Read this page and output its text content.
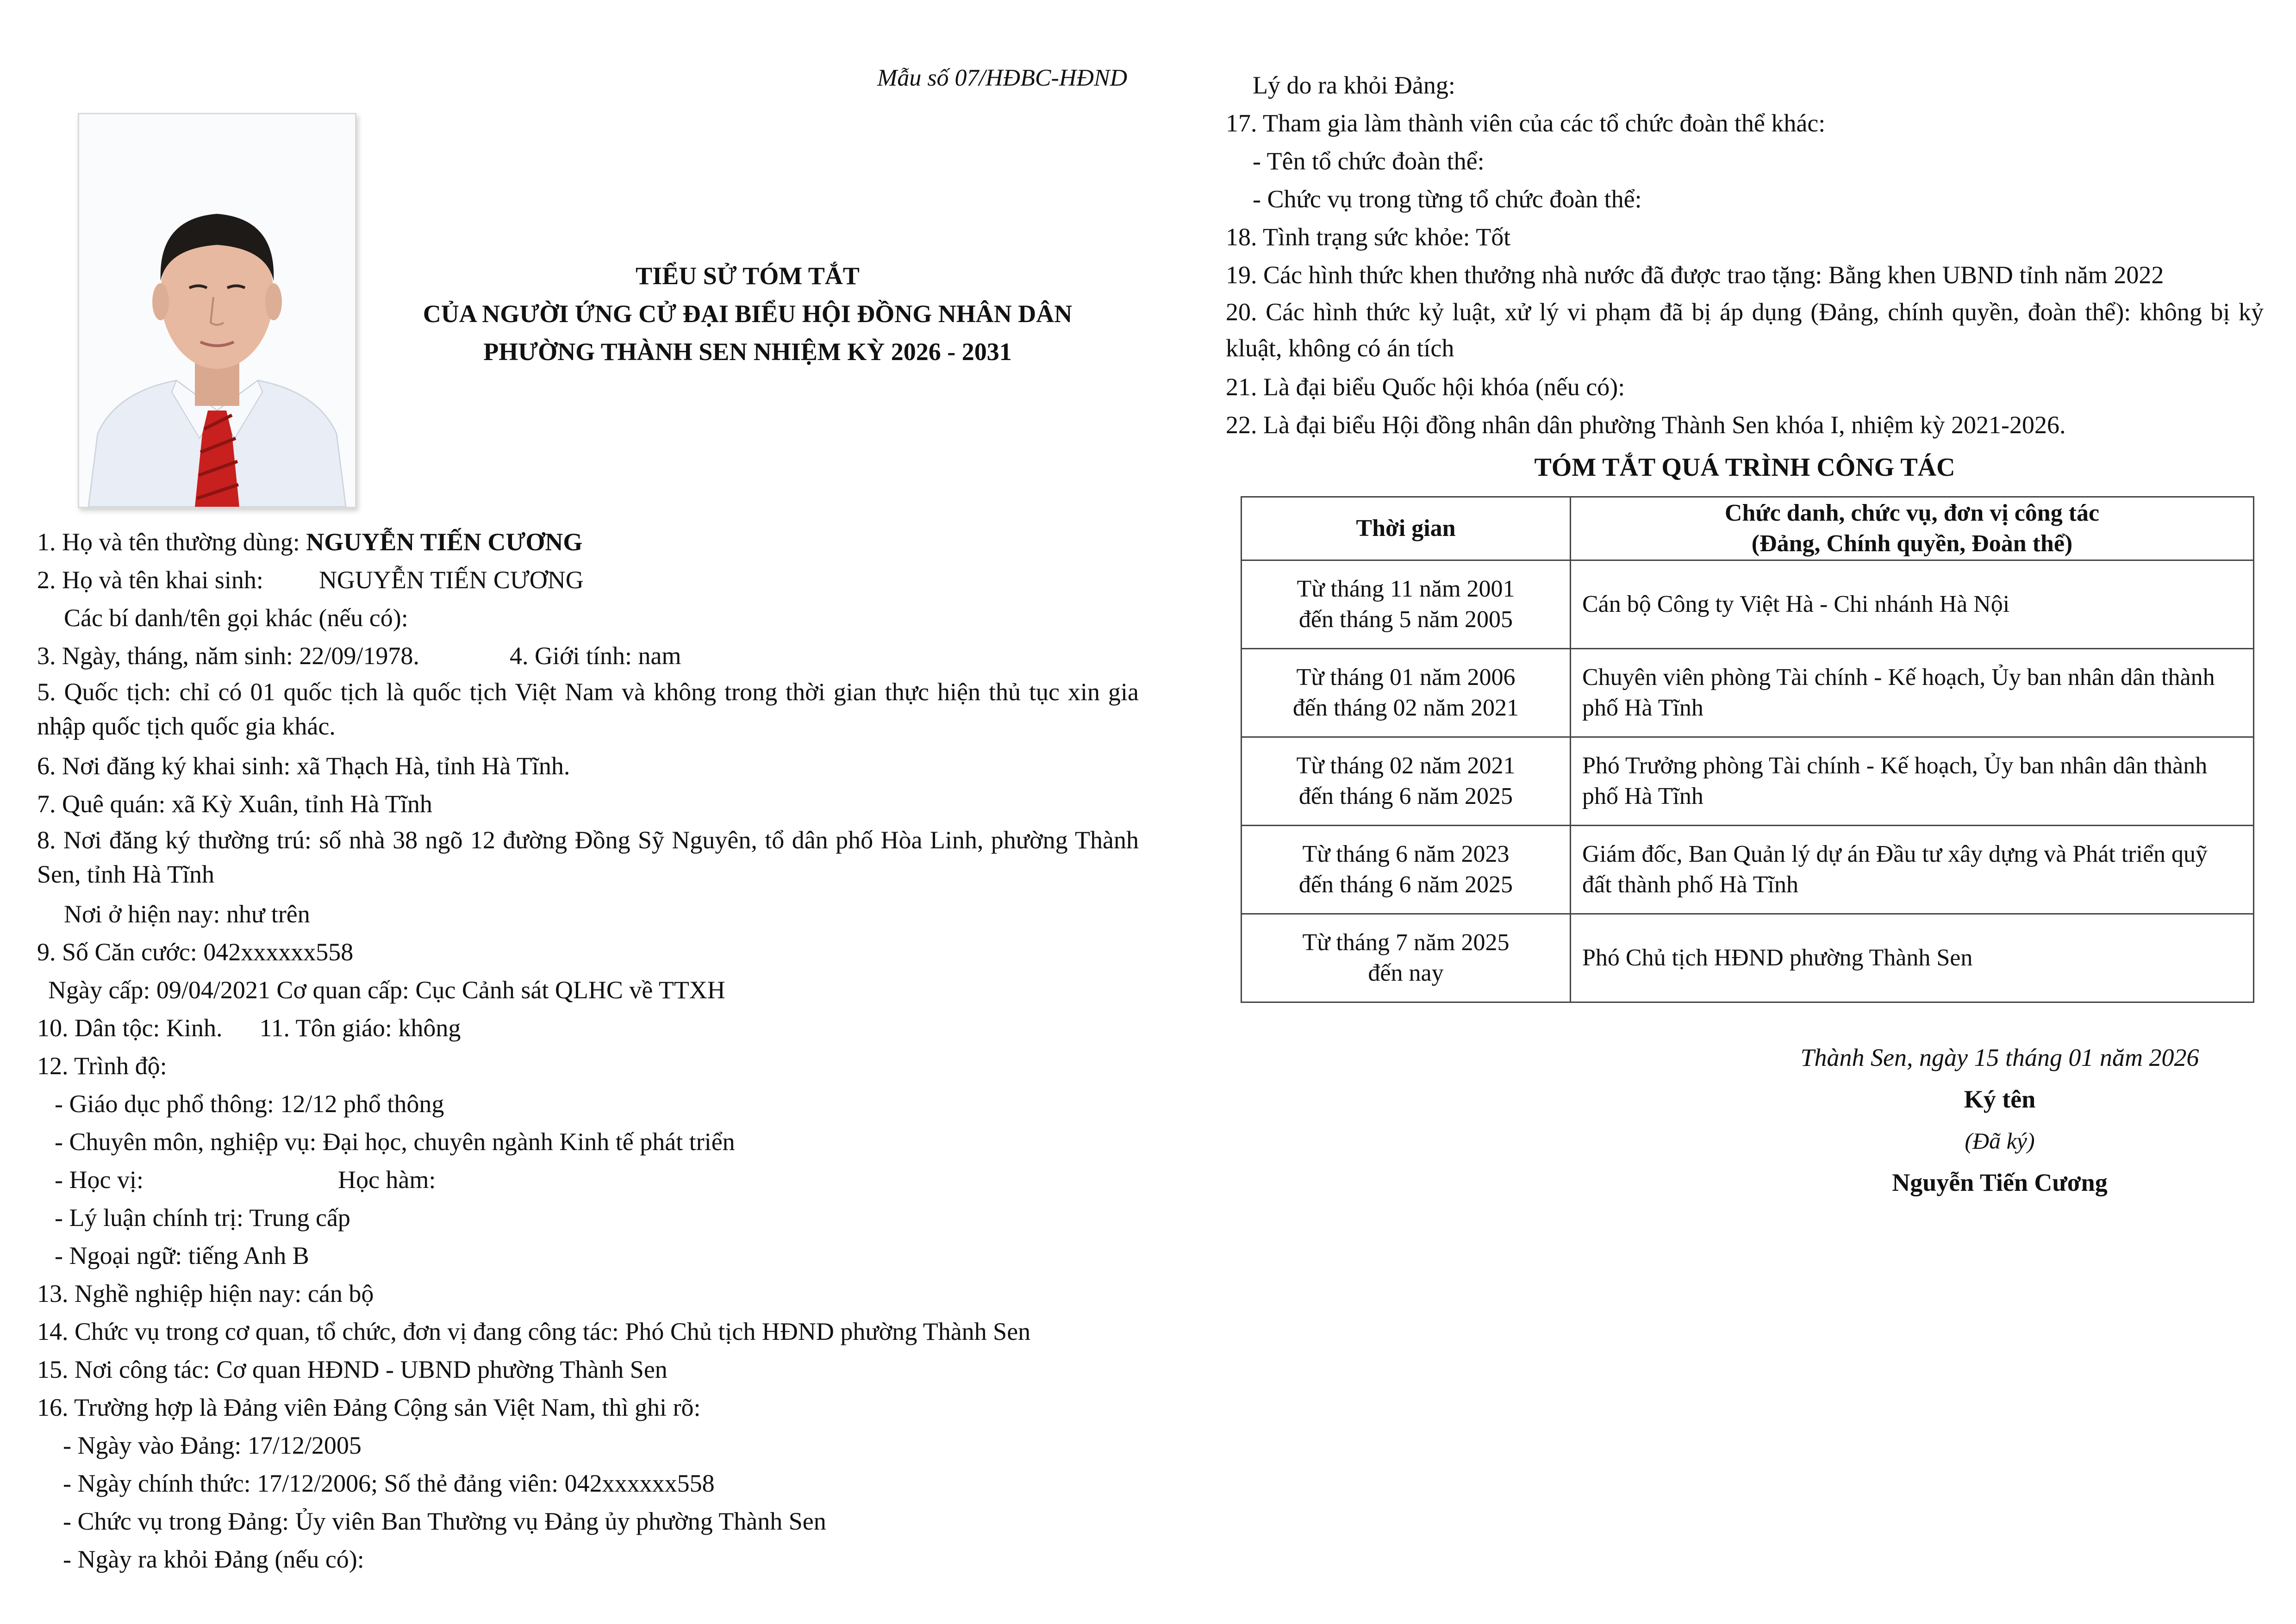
Mẫu số 07/HĐBC-HĐND
TIỂU SỬ TÓM TẮT
CỦA NGƯỜI ỨNG CỬ ĐẠI BIỂU HỘI ĐỒNG NHÂN DÂN
PHƯỜNG THÀNH SEN NHIỆM KỲ 2026 - 2031
1. Họ và tên thường dùng: NGUYỄN TIẾN CƯƠNG
2. Họ và tên khai sinh: NGUYỄN TIẾN CƯƠNG
Các bí danh/tên gọi khác (nếu có):
3. Ngày, tháng, năm sinh: 22/09/1978.	4. Giới tính: nam
5. Quốc tịch: chỉ có 01 quốc tịch là quốc tịch Việt Nam và không trong thời gian thực hiện thủ tục xin gia nhập quốc tịch quốc gia khác.
6. Nơi đăng ký khai sinh: xã Thạch Hà, tỉnh Hà Tĩnh.
7. Quê quán: xã Kỳ Xuân, tỉnh Hà Tĩnh
8. Nơi đăng ký thường trú: số nhà 38 ngõ 12 đường Đồng Sỹ Nguyên, tổ dân phố Hòa Linh, phường Thành Sen, tỉnh Hà Tĩnh
Nơi ở hiện nay: như trên
9. Số Căn cước: 042xxxxxx558
Ngày cấp: 09/04/2021 Cơ quan cấp: Cục Cảnh sát QLHC về TTXH
10. Dân tộc: Kinh. 11. Tôn giáo: không
12. Trình độ:
- Giáo dục phổ thông: 12/12 phổ thông
- Chuyên môn, nghiệp vụ: Đại học, chuyên ngành Kinh tế phát triển
- Học vị:	Học hàm:
- Lý luận chính trị: Trung cấp
- Ngoại ngữ: tiếng Anh B
13. Nghề nghiệp hiện nay: cán bộ
14. Chức vụ trong cơ quan, tổ chức, đơn vị đang công tác: Phó Chủ tịch HĐND phường Thành Sen
15. Nơi công tác: Cơ quan HĐND - UBND phường Thành Sen
16. Trường hợp là Đảng viên Đảng Cộng sản Việt Nam, thì ghi rõ:
- Ngày vào Đảng: 17/12/2005
- Ngày chính thức: 17/12/2006; Số thẻ đảng viên: 042xxxxxx558
- Chức vụ trong Đảng: Ủy viên Ban Thường vụ Đảng ủy phường Thành Sen
- Ngày ra khỏi Đảng (nếu có):
Lý do ra khỏi Đảng:
17. Tham gia làm thành viên của các tổ chức đoàn thể khác:
- Tên tổ chức đoàn thể:
- Chức vụ trong từng tổ chức đoàn thể:
18. Tình trạng sức khỏe: Tốt
19. Các hình thức khen thưởng nhà nước đã được trao tặng: Bằng khen UBND tỉnh năm 2022
20. Các hình thức kỷ luật, xử lý vi phạm đã bị áp dụng (Đảng, chính quyền, đoàn thể): không bị kỷ kluật, không có án tích
21. Là đại biểu Quốc hội khóa (nếu có):
22. Là đại biểu Hội đồng nhân dân phường Thành Sen khóa I, nhiệm kỳ 2021-2026.
TÓM TẮT QUÁ TRÌNH CÔNG TÁC
Thời gian	Chức danh, chức vụ, đơn vị công tác
(Đảng, Chính quyền, Đoàn thể)

Từ tháng 11 năm 2001
đến tháng 5 năm 2005	Cán bộ Công ty Việt Hà - Chi nhánh Hà Nội

Từ tháng 01 năm 2006
đến tháng 02 năm 2021	Chuyên viên phòng Tài chính - Kế hoạch, Ủy ban nhân dân thành phố Hà Tĩnh

Từ tháng 02 năm 2021
đến tháng 6 năm 2025	Phó Trưởng phòng Tài chính - Kế hoạch, Ủy ban nhân dân thành phố Hà Tĩnh

Từ tháng 6 năm 2023
đến tháng 6 năm 2025	Giám đốc, Ban Quản lý dự án Đầu tư xây dựng và Phát triển quỹ đất thành phố Hà Tĩnh

Từ tháng 7 năm 2025
đến nay	Phó Chủ tịch HĐND phường Thành Sen
Thành Sen, ngày 15 tháng 01 năm 2026
Ký tên
(Đã ký)
Nguyễn Tiến Cương
